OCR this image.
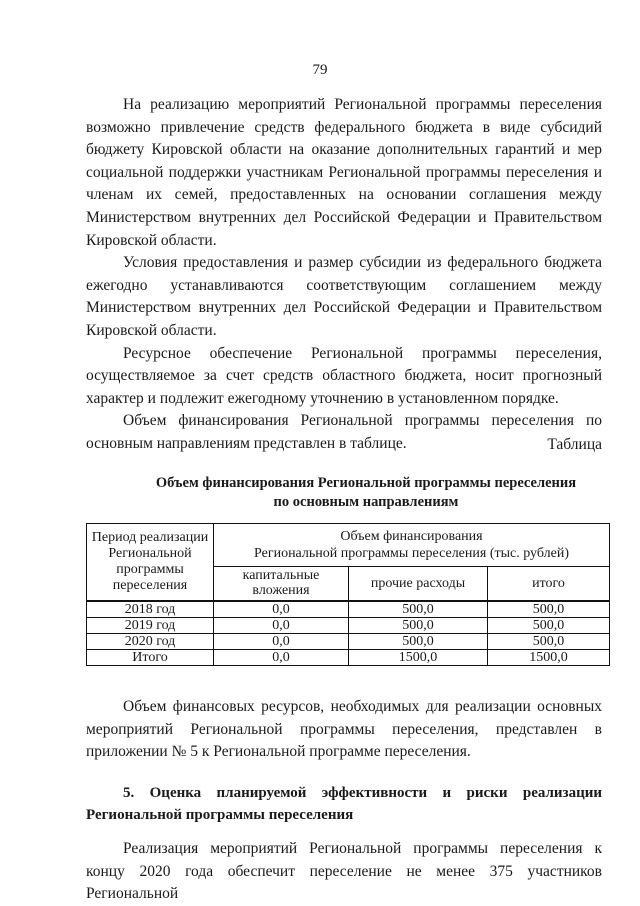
79

На реализацию мероприятий Региональной программы переселения возможно привлечение средств федерального бюджета в виде субсидий бюджету Кировской области на оказание дополнительных гарантий и мер социальной поддержки участникам Региональной программы переселения и членам их семей, предоставленных на основании соглашения между Министерством внутренних дел Российской Федерации и Правительством Кировской области.

Условия предоставления и размер субсидии из федерального бюджета ежегодно устанавливаются соответствующим соглашением между Министерством внутренних дел Российской Федерации и Правительством Кировской области.

Ресурсное обеспечение Региональной программы переселения, осуществляемое за счет средств областного бюджета, носит прогнозный характер и подлежит ежегодному уточнению в установленном порядке.

Объем финансирования Региональной программы переселения по основным направлениям представлен в таблице.	Таблица
Объем финансирования Региональной программы переселения
по основным направлениям
Период реализации Региональной программы переселения	Объем финансирования
Региональной программы переселения (тыс. рублей)		

	капитальные вложения	прочие расходы	итого
2018 год	0,0	500,0	500,0
2019 год	0,0	500,0	500,0
2020 год	0,0	500,0	500,0
Итого	0,0	1500,0	1500,0

Объем финансовых ресурсов, необходимых для реализации основных мероприятий Региональной программы переселения, представлен в приложении № 5 к Региональной программе переселения.

5. Оценка планируемой эффективности и риски реализации Региональной программы переселения

Реализация мероприятий Региональной программы переселения к концу 2020 года обеспечит переселение не менее 375 участников Региональной
